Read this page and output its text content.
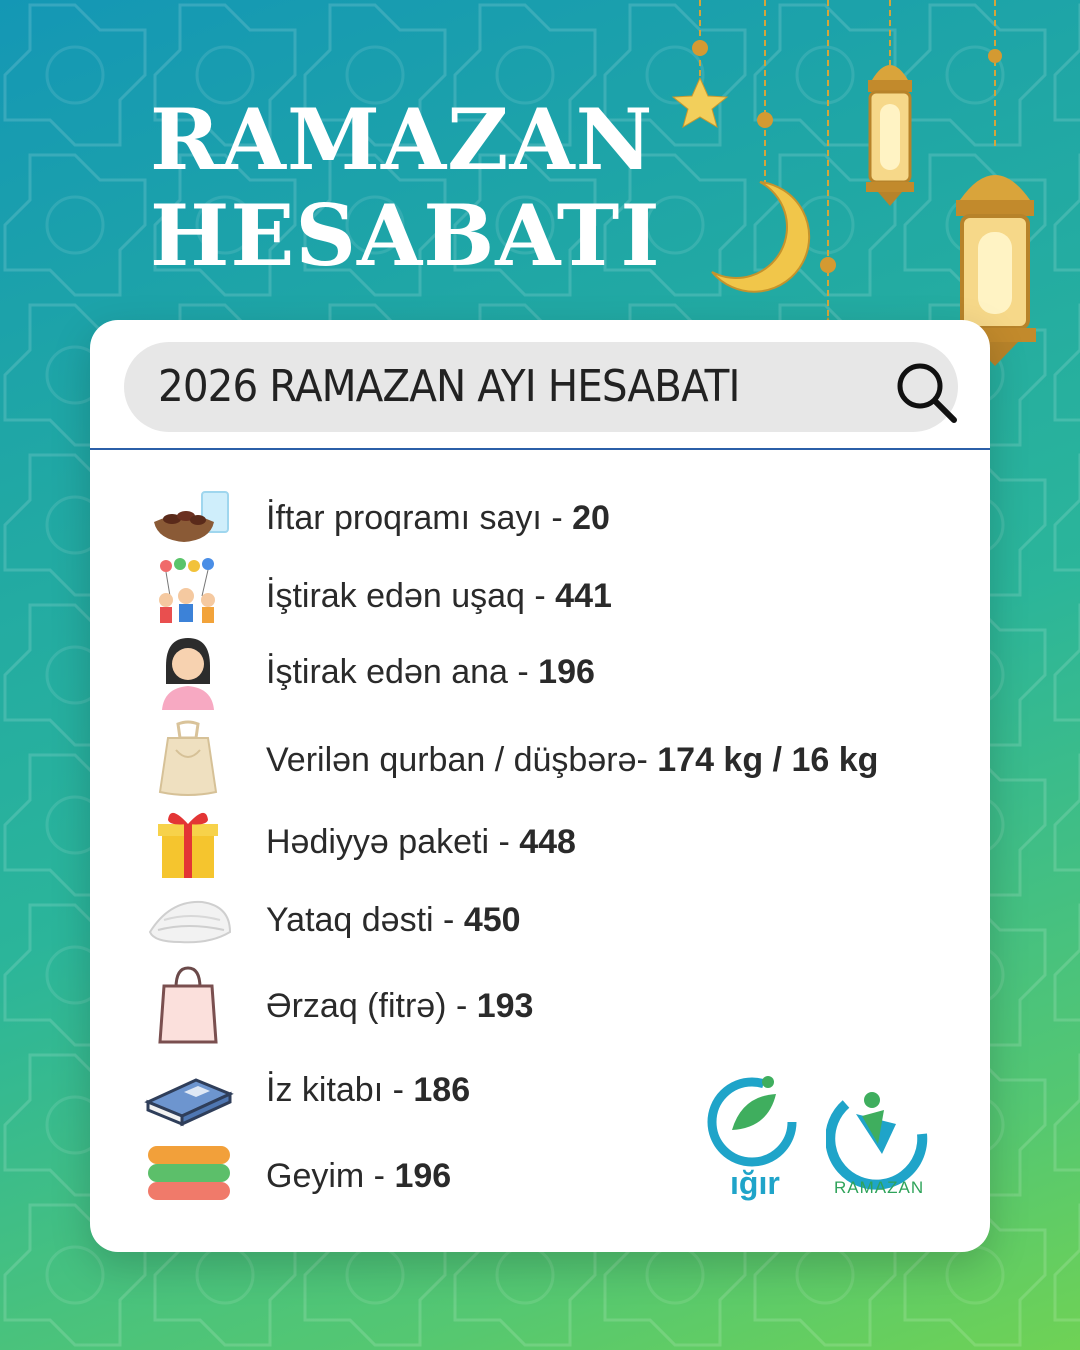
RAMAZAN
HESABATI
2026 RAMAZAN AYI HESABATI
İftar proqramı sayı - 20
İştirak edən uşaq - 441
İştirak edən ana - 196
Verilən qurban / düşbərə- 174 kg / 16 kg
Hədiyyə paketi - 448
Yataq dəsti - 450
Ərzaq (fitrə) - 193
İz kitabı - 186
Geyim - 196	ığır	RAMAZAN
